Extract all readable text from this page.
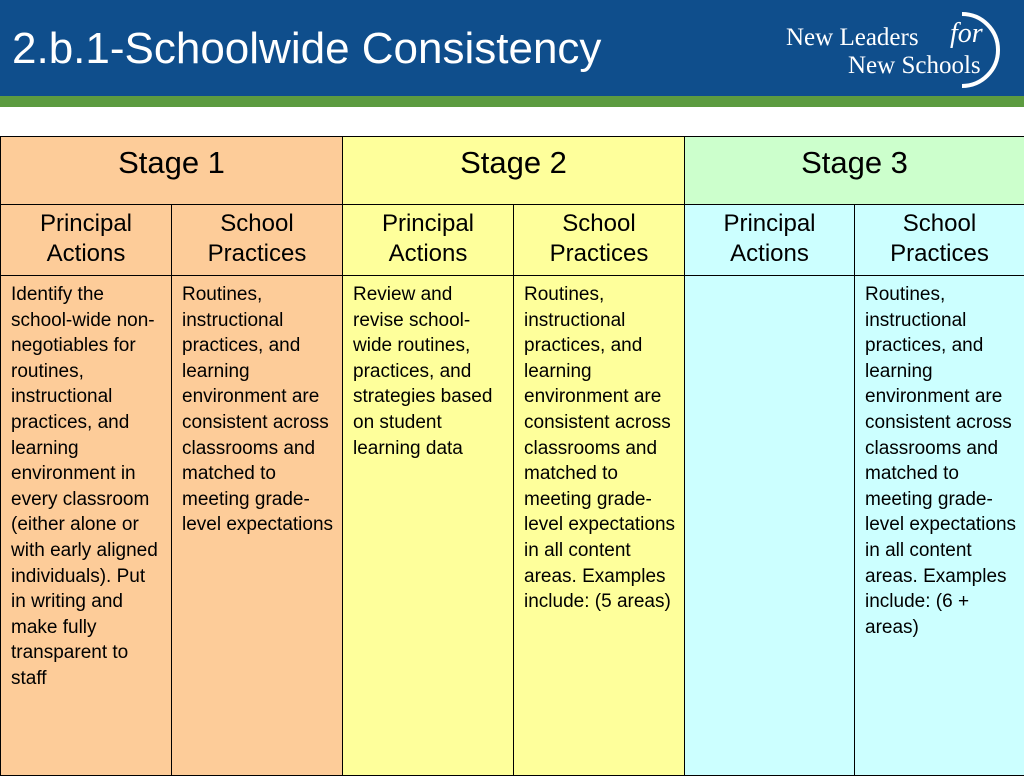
2.b.1-Schoolwide Consistency	New Leaders for
New Schools
Stage 1		Stage 2		Stage 3	
Principal Actions	School Practices	Principal Actions	School Practices	Principal Actions	School Practices
Identify the school-wide non-negotiables for routines, instructional practices, and learning environment in every classroom (either alone or with early aligned individuals). Put in writing and make fully transparent to staff	Routines, instructional practices, and learning environment are consistent across classrooms and matched to meeting grade-level expectations	Review and revise school-wide routines, practices, and strategies based on student learning data	Routines, instructional practices, and learning environment are consistent across classrooms and matched to meeting grade-level expectations in all content areas. Examples include: (5 areas)		Routines, instructional practices, and learning environment are consistent across classrooms and matched to meeting grade-level expectations in all content areas. Examples include: (6 + areas)
